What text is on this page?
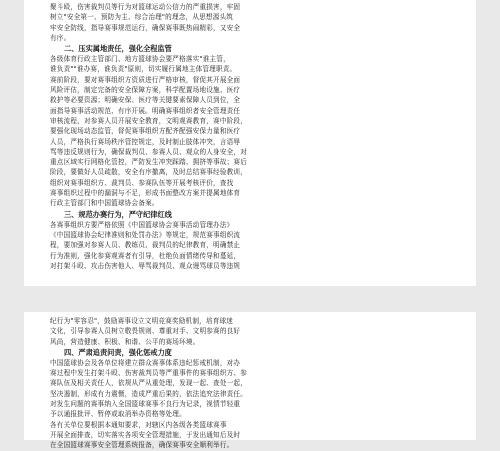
聚斗殴，伤害裁判员等行为对篮球运动公信力的严重损害，牢固
树立"安全第一、预防为主、综合治理"的理念，从思想源头筑
牢安全防线，指导赛事规范运行，确保赛事既热闹精彩，又安全
有序。

二、压实属地责任，强化全程监管

各级体育行政主管部门、地方篮球协会要严格落实"谁主管，
谁负责""谁办赛，谁负责"原则，切实履行属地主体管理职责。
赛前阶段，要对赛事组织方资质进行严格审核，督促其开展全面
风险评估，制定完备的安全保障方案，科学配置场地设施、医疗
救护等必要资源；明确安保、医疗等关键要素保障人员到位，全
面指导赛事活动规范、有序开展。明确赛事组织者安全管理责任
审核流程，对参赛人员开展安全教育，文明观赛教育，赛中阶段，
要强化现场动态监管，督促赛事组织方配齐配强安保力量和医疗
人员，严格执行赛场秩序管控规定，及时制止肢体冲突，言语辱
骂等违反规则行为，确保裁判员、参赛人员、观众的人身安全，对
重点区域实行网格化管控，严防发生冲突踩踏、拥挤等事故；赛后
阶段，要做好人员疏散，安全有序撤离，及时总结赛事经验教训，
组织对赛事组织方、裁判员、参赛队伍等开展考核评价，查找
赛事组织过程中的漏洞与不足，形成书面整改方案并提属地体育
行政主管部门和中国篮球协会备案。

三、规范办赛行为，严守纪律红线

各赛事组织方要严格依照《中国篮球协会赛事活动管理办法》
《中国篮球协会纪律准则和处罚办法》等规定，规范赛事组织流
程，要加强对参赛人员、教练员、裁判员的纪律教育，明确禁止
行为准则，强化参赛观赛者有引导，杜绝负面情绪传导和蔓延，
对打架斗殴、攻击伤害他人、辱骂裁判员、观众谩骂球员等违规
纪行为"零容忍"，鼓励赛事设立文明竞赛奖励机制，培育球迷
文化，引导参赛人员树立敬畏规则、尊重对手、文明参赛的良好
风尚，营造健康、积极、和谐、公平的赛场环境。

四、严肃追责问责，强化惩戒力度

中国篮球协会及各单位将建立群众赛事体系违纪惩戒机制，对办
赛过程中发生打架斗殴、伤害裁判员等严重事件的赛事组织方、参
赛队伍及相关责任人，依规从严从重处理，发现一起、查处一起，
坚决遏制，形成有力震慑，造成严重后果的，依法追究法律责任。
对发生问题的赛事纳入全国篮球赛事不良行为记录，视情节轻重
予以通报批评、暂停或取消举办资格等处理。
各有关单位要根据本通知要求，对辖区内各级各类篮球赛事
开展全面排查，切实落实各项安全管理措施，于发出通知后及时
在全国篮球赛事安全管理系统报备，确保赛事安全顺利举行。
